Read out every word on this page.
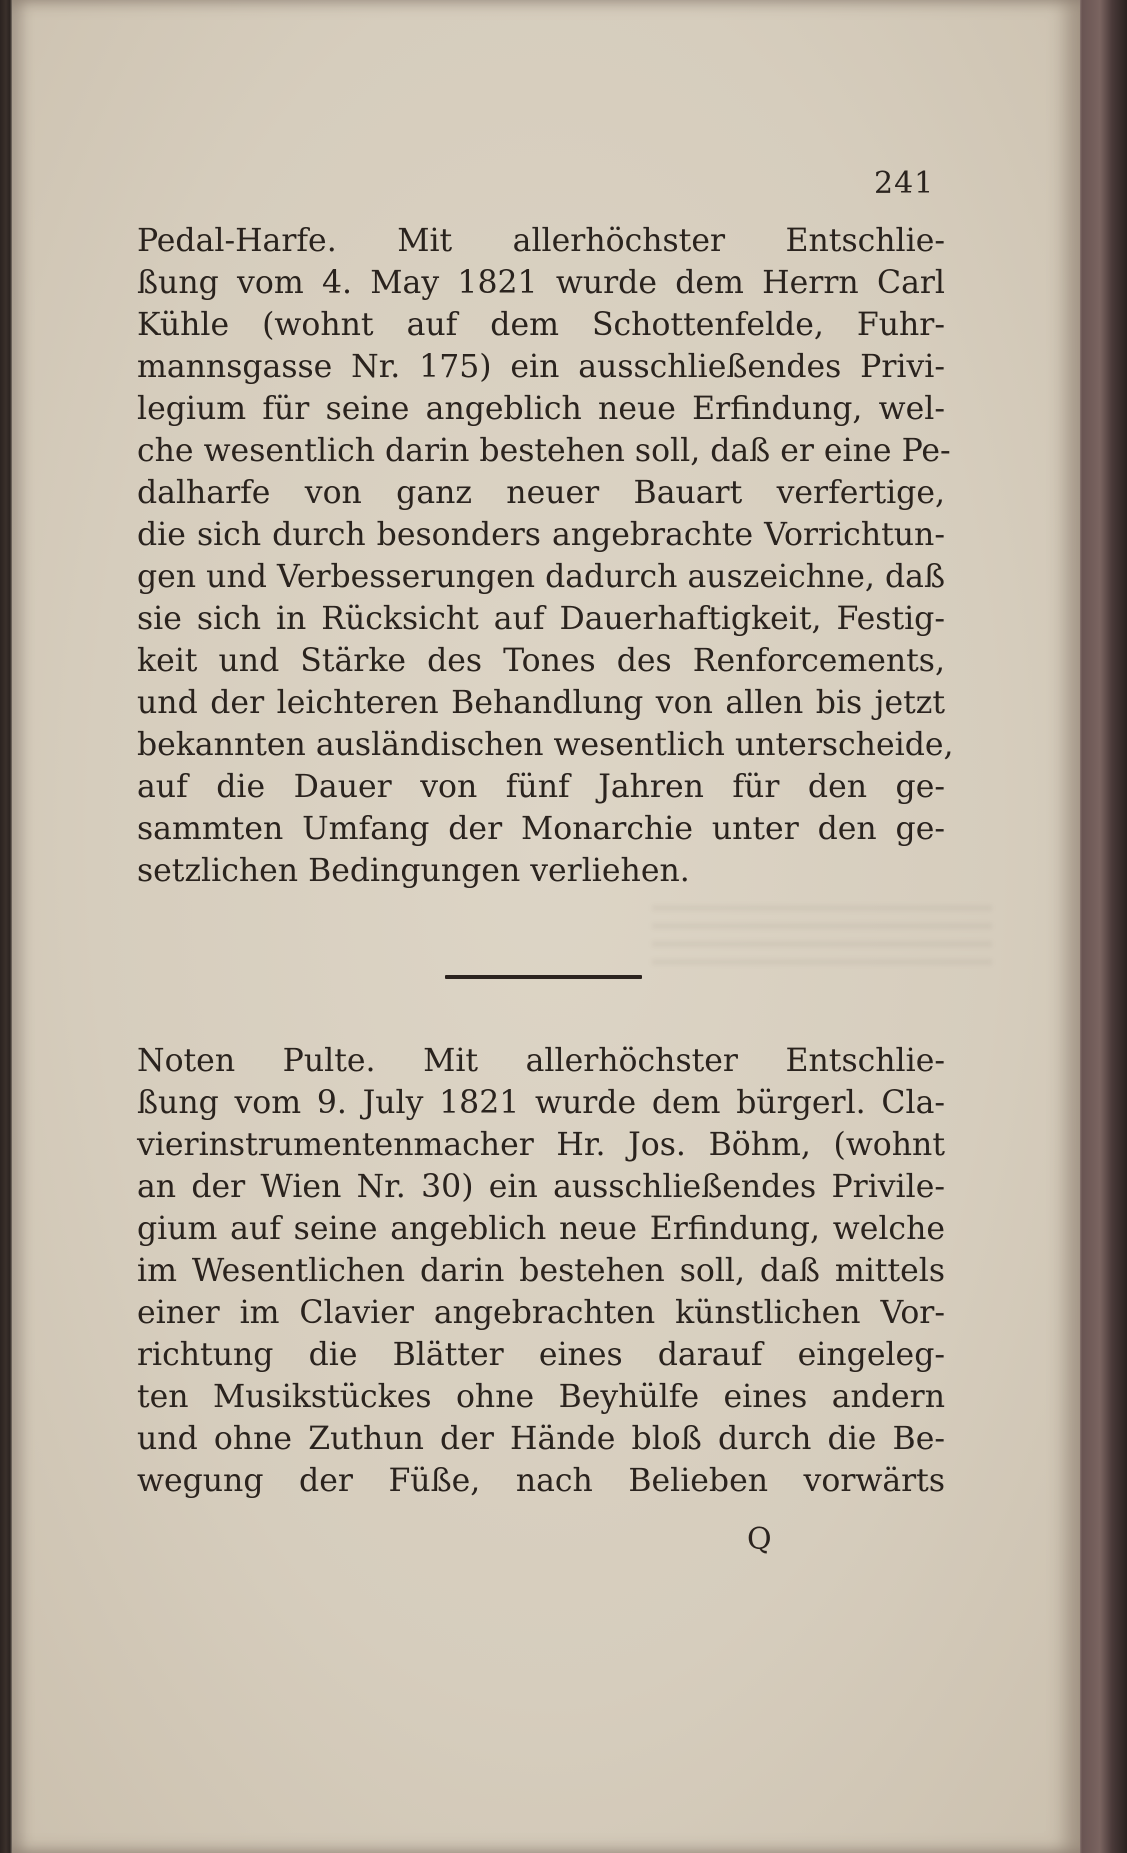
241
Pedal-Harfe. Mit allerhöchster Entschlie-
ßung vom 4. May 1821 wurde dem Herrn Carl
Kühle (wohnt auf dem Schottenfelde, Fuhr-
mannsgasse Nr. 175) ein ausschließendes Privi-
legium für seine angeblich neue Erfindung, wel-
che wesentlich darin bestehen soll, daß er eine Pe-
dalharfe von ganz neuer Bauart verfertige,
die sich durch besonders angebrachte Vorrichtun-
gen und Verbesserungen dadurch auszeichne, daß
sie sich in Rücksicht auf Dauerhaftigkeit, Festig-
keit und Stärke des Tones des Renforcements,
und der leichteren Behandlung von allen bis jetzt
bekannten ausländischen wesentlich unterscheide,
auf die Dauer von fünf Jahren für den ge-
sammten Umfang der Monarchie unter den ge-
setzlichen Bedingungen verliehen.
Noten Pulte. Mit allerhöchster Entschlie-
ßung vom 9. July 1821 wurde dem bürgerl. Cla-
vierinstrumentenmacher Hr. Jos. Böhm, (wohnt
an der Wien Nr. 30) ein ausschließendes Privile-
gium auf seine angeblich neue Erfindung, welche
im Wesentlichen darin bestehen soll, daß mittels
einer im Clavier angebrachten künstlichen Vor-
richtung die Blätter eines darauf eingeleg-
ten Musikstückes ohne Beyhülfe eines andern
und ohne Zuthun der Hände bloß durch die Be-
wegung der Füße, nach Belieben vorwärts
Q
